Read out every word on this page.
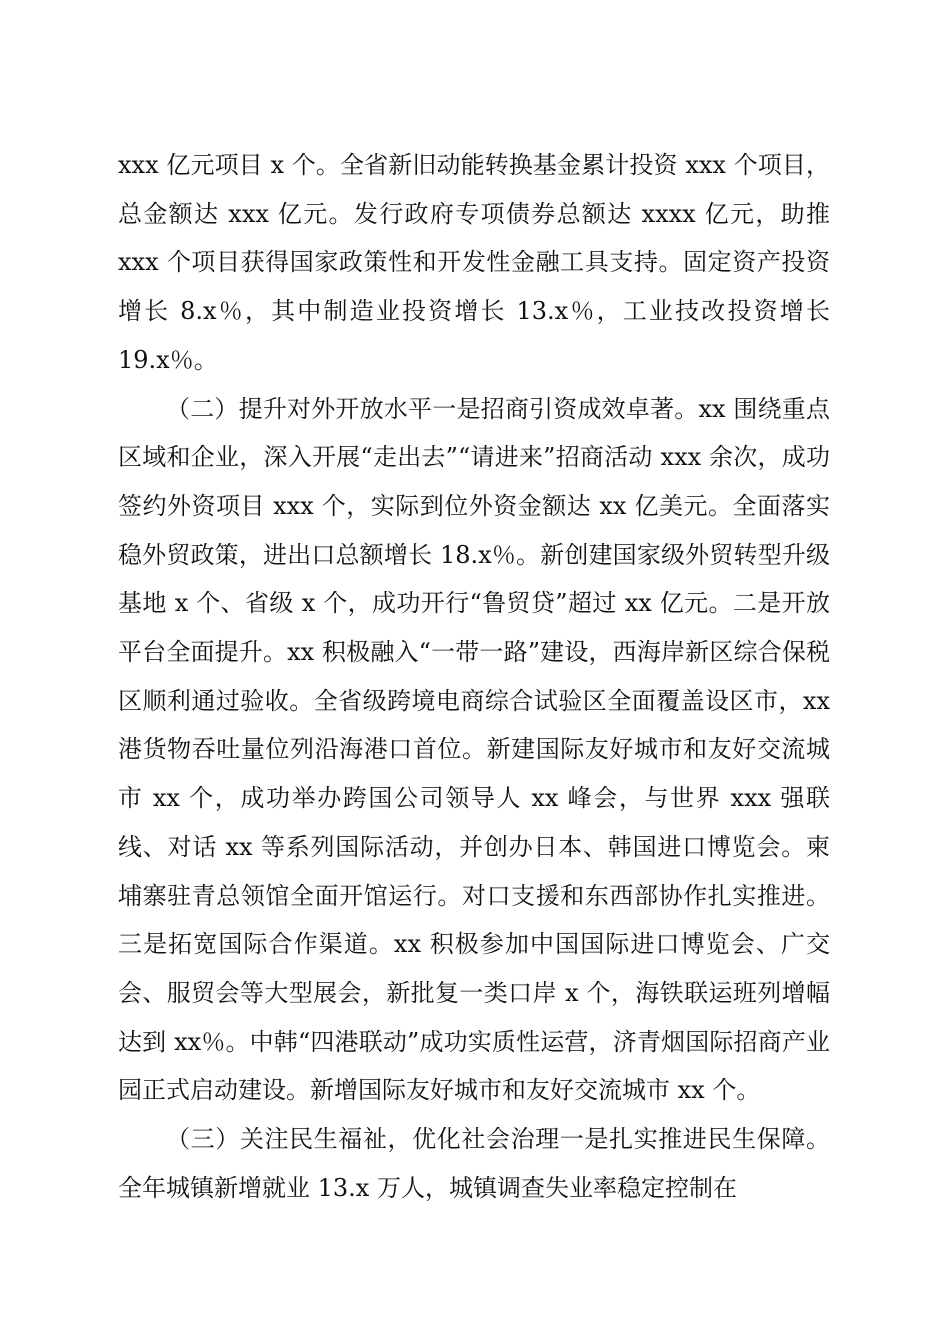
xxx 亿元项目 x 个。全省新旧动能转换基金累计投资 xxx 个项目，总金额达 xxx 亿元。发行政府专项债券总额达 xxxx 亿元，助推 xxx 个项目获得国家政策性和开发性金融工具支持。固定资产投资增长 8.x％，其中制造业投资增长 13.x％，工业技改投资增长 19.x％。

（二）提升对外开放水平一是招商引资成效卓著。xx 围绕重点区域和企业，深入开展“走出去”“请进来”招商活动 xxx 余次，成功签约外资项目 xxx 个，实际到位外资金额达 xx 亿美元。全面落实稳外贸政策，进出口总额增长 18.x％。新创建国家级外贸转型升级基地 x 个、省级 x 个，成功开行“鲁贸贷”超过 xx 亿元。二是开放平台全面提升。xx 积极融入“一带一路”建设，西海岸新区综合保税区顺利通过验收。全省级跨境电商综合试验区全面覆盖设区市，xx 港货物吞吐量位列沿海港口首位。新建国际友好城市和友好交流城市 xx 个，成功举办跨国公司领导人 xx 峰会，与世界 xxx 强联线、对话 xx 等系列国际活动，并创办日本、韩国进口博览会。柬埔寨驻青总领馆全面开馆运行。对口支援和东西部协作扎实推进。三是拓宽国际合作渠道。xx 积极参加中国国际进口博览会、广交会、服贸会等大型展会，新批复一类口岸 x 个，海铁联运班列增幅达到 xx％。中韩“四港联动”成功实质性运营，济青烟国际招商产业园正式启动建设。新增国际友好城市和友好交流城市 xx 个。

（三）关注民生福祉，优化社会治理一是扎实推进民生保障。全年城镇新增就业 13.x 万人，城镇调查失业率稳定控制在
